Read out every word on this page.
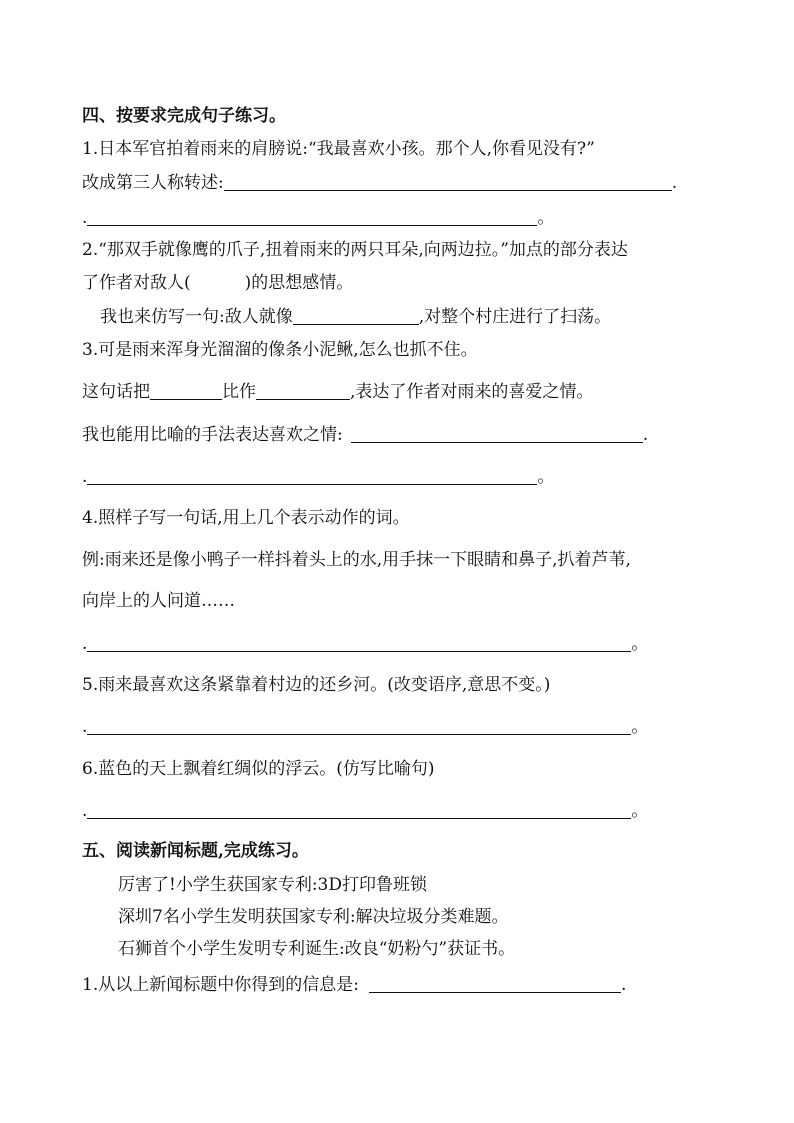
四、按要求完成句子练习。
1.日本军官拍着雨来的肩膀说:“我最喜欢小孩。那个人,你看见没有?”
改成第三人称转述:	.
.	。
2.“那双手就像鹰的爪子,扭着雨来的两只耳朵,向两边拉。”加点的部分表达
了作者对敌人(	)的思想感情。
我也来仿写一句:敌人就像	,对整个村庄进行了扫荡。
3.可是雨来浑身光溜溜的像条小泥鳅,怎么也抓不住。
这句话把	比作	,表达了作者对雨来的喜爱之情。
我也能用比喻的手法表达喜欢之情:	.
.	。
4.照样子写一句话,用上几个表示动作的词。
例:雨来还是像小鸭子一样抖着头上的水,用手抹一下眼睛和鼻子,扒着芦苇,
向岸上的人问道……
.	。
5.雨来最喜欢这条紧靠着村边的还乡河。(改变语序,意思不变。)
.	。
6.蓝色的天上飘着红绸似的浮云。(仿写比喻句)
.	。
五、阅读新闻标题,完成练习。
厉害了!小学生获国家专利:3D打印鲁班锁
深圳7名小学生发明获国家专利:解决垃圾分类难题。
石狮首个小学生发明专利诞生:改良“奶粉勺”获证书。
1.从以上新闻标题中你得到的信息是:	.
